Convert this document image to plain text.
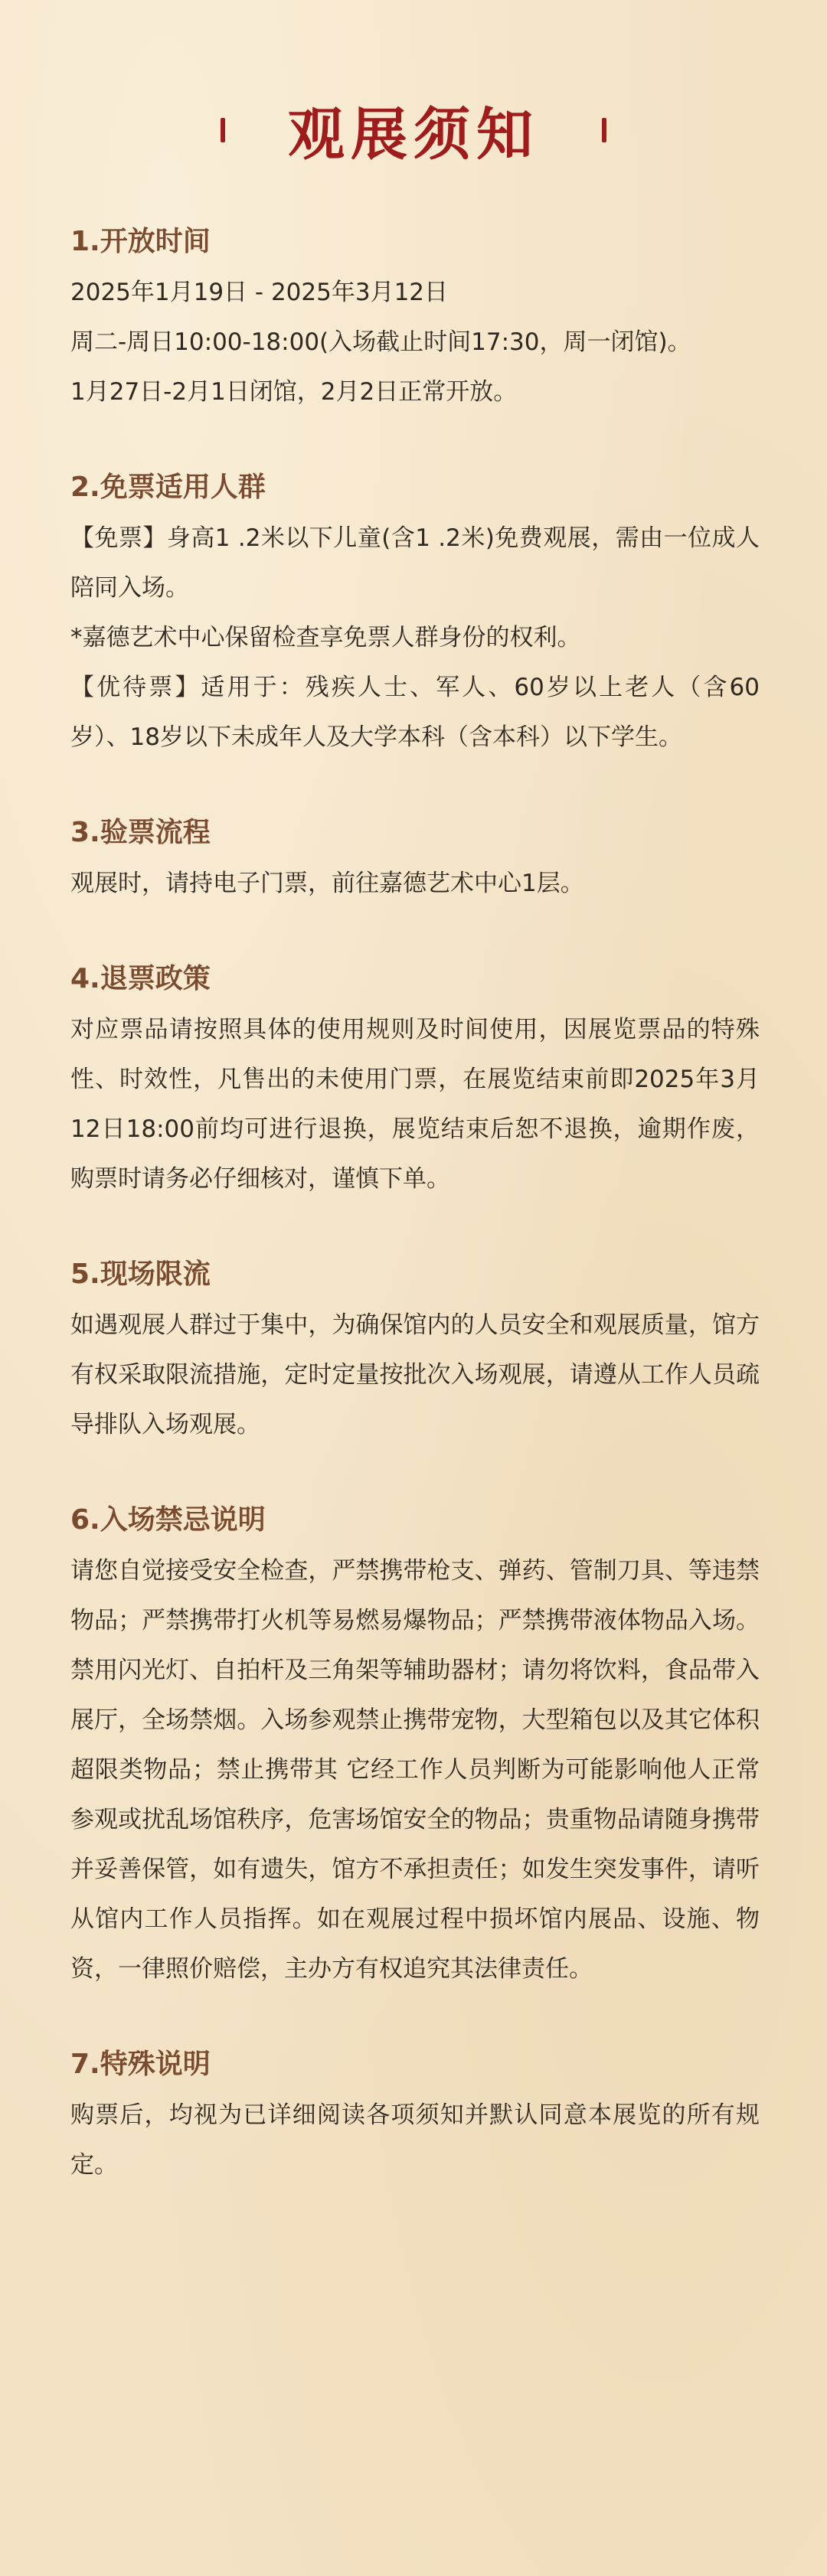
观展须知
1.开放时间
2025年1月19日 - 2025年3月12日
周二-周日10:00-18:00(入场截止时间17:30，周一闭馆)。
1月27日-2月1日闭馆，2月2日正常开放。
2.免票适用人群
【免票】身高1 .2米以下儿童(含1 .2米)免费观展，需由一位成人陪同入场。
*嘉德艺术中心保留检查享免票人群身份的权利。
【优待票】适用于：残疾人士、军人、60岁以上老人（含60岁）、18岁以下未成年人及大学本科（含本科）以下学生。
3.验票流程
观展时，请持电子门票，前往嘉德艺术中心1层。
4.退票政策
对应票品请按照具体的使用规则及时间使用，因展览票品的特殊性、时效性，凡售出的未使用门票，在展览结束前即2025年3月12日18:00前均可进行退换，展览结束后恕不退换，逾期作废，购票时请务必仔细核对，谨慎下单。
5.现场限流
如遇观展人群过于集中，为确保馆内的人员安全和观展质量，馆方有权采取限流措施，定时定量按批次入场观展，请遵从工作人员疏导排队入场观展。
6.入场禁忌说明
请您自觉接受安全检查，严禁携带枪支、弹药、管制刀具、等违禁物品；严禁携带打火机等易燃易爆物品；严禁携带液体物品入场。禁用闪光灯、自拍杆及三角架等辅助器材；请勿将饮料，食品带入展厅，全场禁烟。入场参观禁止携带宠物，大型箱包以及其它体积超限类物品；禁止携带其 它经工作人员判断为可能影响他人正常参观或扰乱场馆秩序，危害场馆安全的物品；贵重物品请随身携带并妥善保管，如有遗失，馆方不承担责任；如发生突发事件，请听从馆内工作人员指挥。如在观展过程中损坏馆内展品、设施、物资，一律照价赔偿，主办方有权追究其法律责任。
7.特殊说明
购票后，均视为已详细阅读各项须知并默认同意本展览的所有规定。
